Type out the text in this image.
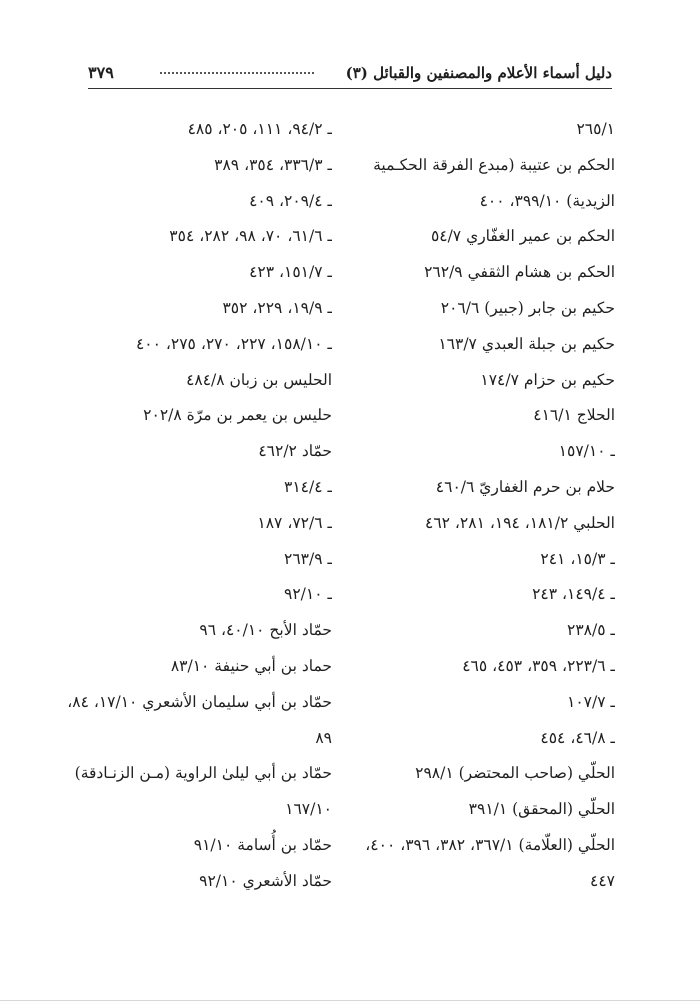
دليل أسماء الأعلام والمصنفين والقبائل (٣)
٣٧٩
٢٦٥/١
الحكم بن عتيبة (مبدع الفرقة الحكـمية
الزيدية) ٣٩٩/١٠، ٤٠٠
الحكم بن عمير الغفّاري ٥٤/٧
الحكم بن هشام الثقفي ٢٦٢/٩
حكيم بن جابر (جبير) ٢٠٦/٦
حكيم بن جبلة العبدي ١٦٣/٧
حكيم بن حزام ١٧٤/٧
الحلاج ٤١٦/١
ـ ١٥٧/١٠
حلام بن حرم الغفاريّ ٤٦٠/٦
الحلبي ١٨١/٢، ١٩٤، ٢٨١، ٤٦٢
ـ ١٥/٣، ٢٤١
ـ ١٤٩/٤، ٢٤٣
ـ ٢٣٨/٥
ـ ٢٢٣/٦، ٣٥٩، ٤٥٣، ٤٦٥
ـ ١٠٧/٧
ـ ٤٦/٨، ٤٥٤
الحلّي (صاحب المحتضر) ٢٩٨/١
الحلّي (المحقق) ٣٩١/١
الحلّي (العلّامة) ٣٦٧/١، ٣٨٢، ٣٩٦، ٤٠٠،
٤٤٧
ـ ٩٤/٢، ١١١، ٢٠٥، ٤٨٥
ـ ٣٣٦/٣، ٣٥٤، ٣٨٩
ـ ٢٠٩/٤، ٤٠٩
ـ ٦١/٦، ٧٠، ٩٨، ٢٨٢، ٣٥٤
ـ ١٥١/٧، ٤٢٣
ـ ١٩/٩، ٢٢٩، ٣٥٢
ـ ١٥٨/١٠، ٢٢٧، ٢٧٠، ٢٧٥، ٤٠٠
الحليس بن زبان ٤٨٤/٨
حليس بن يعمر بن مرّة ٢٠٢/٨
حمّاد ٤٦٢/٢
ـ ٣١٤/٤
ـ ٧٢/٦، ١٨٧
ـ ٢٦٣/٩
ـ ٩٢/١٠
حمّاد الأبح ٤٠/١٠، ٩٦
حماد بن أبي حنيفة ٨٣/١٠
حمّاد بن أبي سليمان الأشعري ١٧/١٠، ٨٤،
٨٩
حمّاد بن أبي ليلىٰ الراوية (مـن الزنـادقة)
١٦٧/١٠
حمّاد بن أُسامة ٩١/١٠
حمّاد الأشعري ٩٢/١٠
